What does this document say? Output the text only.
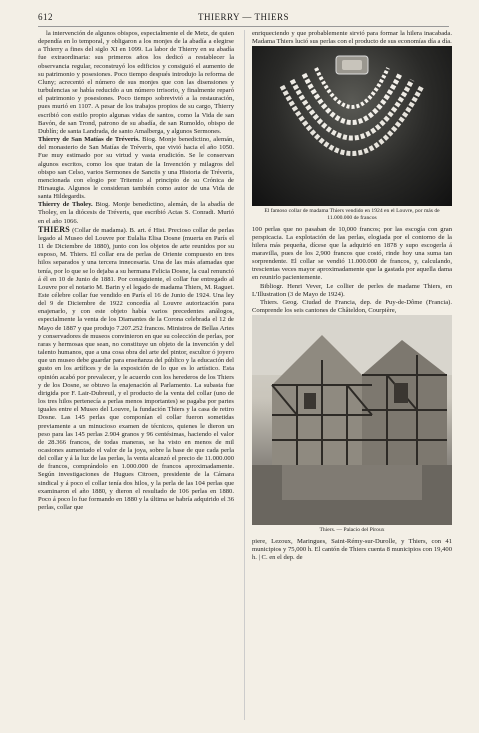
612	THIERRY — THIERS

la intervención de algunos obispos, especialmente el de Metz, de quien dependía en lo temporal, y obligaron a los monjes de la abadía a elegirse a Thierry a fines del siglo XI en 1099. La labor de Thierry en su abadía fue extraordinaria: sus primeros años los dedicó a restablecer la observancia regular, reconstruyó los edificios y consiguió el aumento de su patrimonio y posesiones. Poco tiempo después introdujo la reforma de Cluny; acrecentó el número de sus monjes que con las disensiones y turbulencias se había reducido a un número irrisorio, y finalmente reparó el patrimonio y posesiones. Poco tiempo sobrevivió a la restauración, pues murió en 1107. A pesar de los trabajos propios de su cargo, Thierry escribió con estilo propio algunas vidas de santos, como la Vida de san Bavón, de san Trond, patrono de su abadía, de san Rumoldo, obispo de Dublín; de santa Landrada, de santo Amalberga, y algunos Sermones.

Thierry de San Matías de Tréveris. Biog. Monje benedictino, alemán, del monasterio de San Matías de Tréveris, que vivió hacia el año 1050. Fue muy estimado por su virtud y vasta erudición. Se le conservan algunos escritos, como los que tratan de la Invención y milagros del obispo san Celso, varios Sermones de Sanctis y una Historia de Tréveris, mencionada con elogio por Tritemio al principio de su Crónica de Hirsaugia. Algunos le consideran también como autor de una Vida de santa Hildegardis.

Thierry de Tholey. Biog. Monje benedictino, alemán, de la abadía de Tholey, en la diócesis de Tréveris, que escribió Actas S. Conradi. Murió en el año 1066.

THIERS (Collar de madama). B. art. é Hist. Precioso collar de perlas legado al Museo del Louvre por Eulalia Elisa Dosne (muerta en París el 11 de Diciembre de 1880), junto con los objetos de arte reunidos por su esposo, M. Thiers. El collar era de perlas de Oriente compuesto en tres hilos separados y una tercera innecesaria. Una de las más afamadas que tenía, por lo que se lo dejaba a su hermana Felicia Dosne, la cual renunció á él en 10 de Junio de 1881. Por consiguiente, el collar fue entregado al Louvre por el notario M. Barin y el legado de madama Thiers, M. Raguet. Este célebre collar fue vendido en París el 16 de Junio de 1924. Una ley del 9 de Diciembre de 1922 concedía al Louvre autorización para enajenarlo, y con este objeto había varios precedentes análogos, especialmente la venta de los Diamantes de la Corona celebrada el 12 de Mayo de 1887 y que produjo 7.207.252 francos. Ministros de Bellas Artes y conservadores de museos convinieron en que su colección de perlas, por raras y hermosas que sean, no constituye un objeto de la invención y del talento humanos, que a una cosa obra del arte del pintor, escultor ó joyero que un museo debe guardar para enseñanza del público y la educación del gusto en los artífices y de la exposición de lo que es lo artístico. Esta opinión acabó por prevalecer, y le acuerdo con los herederos de los Thiers y de los Dosne, se obtuvo la enajenación al Parlamento. La subasta fue dirigida por F. Lair-Dubreuil, y el producto de la venta del collar (uno de los tres hilos pertenecía a perlas menos importantes) se pagaba por partes iguales entre el Museo del Louvre, la fundación Thiers y la casa de retiro Dosne. Las 145 perlas que componían el collar fueron sometidas previamente a un minucioso examen de técnicos, quienes le dieron un peso para las 145 perlas 2.904 granos y 96 centésimas, haciendo el valor de 28.366 francos, de todas maneras, se ha visto en menos de mil ocasiones aumentado el valor de la joya, sobre la base de que cada perla del collar y á la luz de las perlas, la venta alcanzó el precio de 11.000.000 de francos, comprándolo en 1.000.000 de francos aproximadamente. Según investigaciones de Hugues Citroen, presidente de la Cámara sindical y á poco el collar tenía dos hilos, y la perla de las 104 perlas que examinaron el año 1880, y dieron el resultado de 106 perlas en 1880. Poco á poco lo fue formando en 1880 y la última se habría adquirido el 36 perlas, collar que

enriqueciendo y que probablemente sirvió para formar la hilera inacabada. Madama Thiers lució sus perlas con el producto de sus economías día a día.

El famoso collar de madama Thiers vendido en 1924 en el Louvre, por más de 11.000.000 de francos

100 perlas que no pasaban de 10,000 francos; por las escogía con gran perspicacia. La explotación de las perlas, elogiada por el contorno de la hilera más pequeña, dícese que la adquirió en 1878 y supo escogerla á maravilla, pues de los 2,900 francos que costó, rinde hoy una suma tan sorprendente. El collar se vendió 11.000.000 de francos, y, calculando, trescientas veces mayor aproximadamente que la gastada por aquella dama en reunirlo pacientemente.

Bibliogr. Henri Vever, Le collier de perles de madame Thiers, en L'Illustration (3 de Mayo de 1924).

Thiers. Geog. Ciudad de Francia, dep. de Puy-de-Dôme (Francia). Comprende los seis cantones de Châteldon, Courpière,

Thiers. — Palacio del Piroux

piere, Lezoux, Maringues, Saint-Rémy-sur-Durolle, y Thiers, con 41 municipios y 75,000 h. El cantón de Thiers cuenta 8 municipios con 19,400 h. | C. en el dep. de
